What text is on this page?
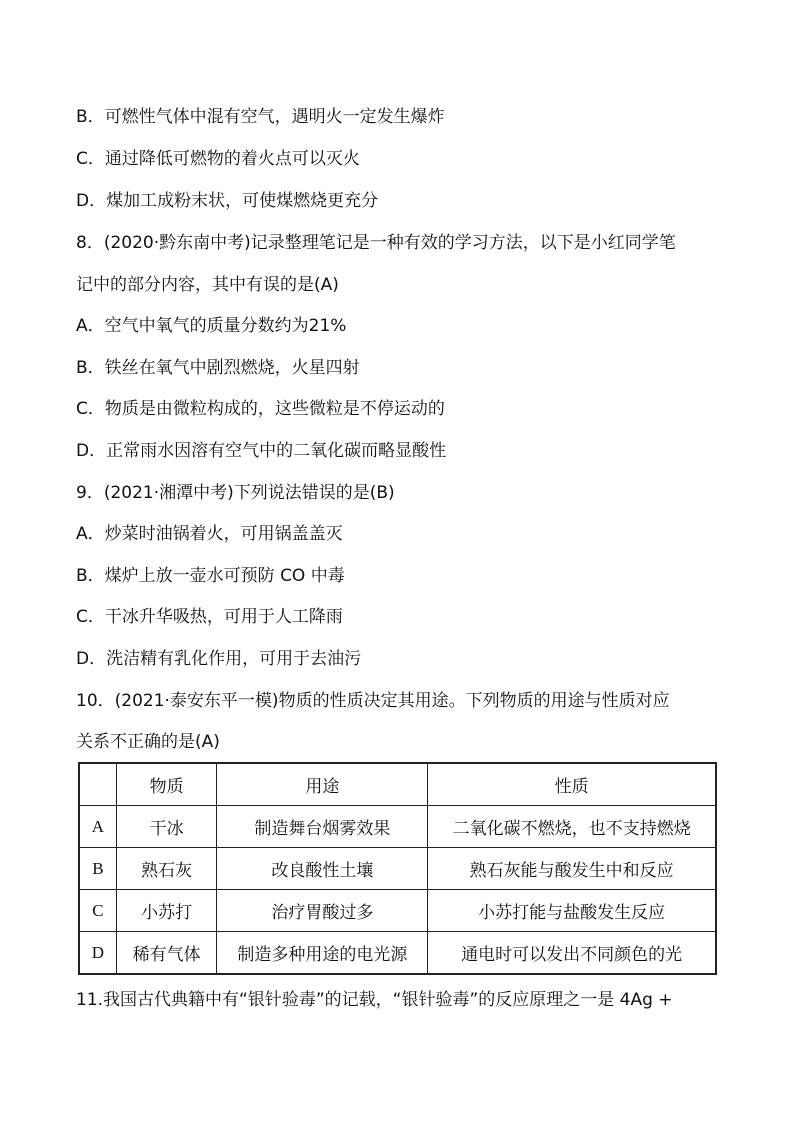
B．可燃性气体中混有空气，遇明火一定发生爆炸
C．通过降低可燃物的着火点可以灭火
D．煤加工成粉末状，可使煤燃烧更充分
8．(2020·黔东南中考)记录整理笔记是一种有效的学习方法，以下是小红同学笔
记中的部分内容，其中有误的是(A)
A．空气中氧气的质量分数约为21%
B．铁丝在氧气中剧烈燃烧，火星四射
C．物质是由微粒构成的，这些微粒是不停运动的
D．正常雨水因溶有空气中的二氧化碳而略显酸性
9．(2021·湘潭中考)下列说法错误的是(B)
A．炒菜时油锅着火，可用锅盖盖灭
B．煤炉上放一壶水可预防 CO 中毒
C．干冰升华吸热，可用于人工降雨
D．洗洁精有乳化作用，可用于去油污
10．(2021·泰安东平一模)物质的性质决定其用途。下列物质的用途与性质对应
关系不正确的是(A)
	物质	用途	性质
A	干冰	制造舞台烟雾效果	二氧化碳不燃烧，也不支持燃烧
B	熟石灰	改良酸性土壤	熟石灰能与酸发生中和反应
C	小苏打	治疗胃酸过多	小苏打能与盐酸发生反应
D	稀有气体	制造多种用途的电光源	通电时可以发出不同颜色的光
11.我国古代典籍中有“银针验毒”的记载，“银针验毒”的反应原理之一是 4Ag +
